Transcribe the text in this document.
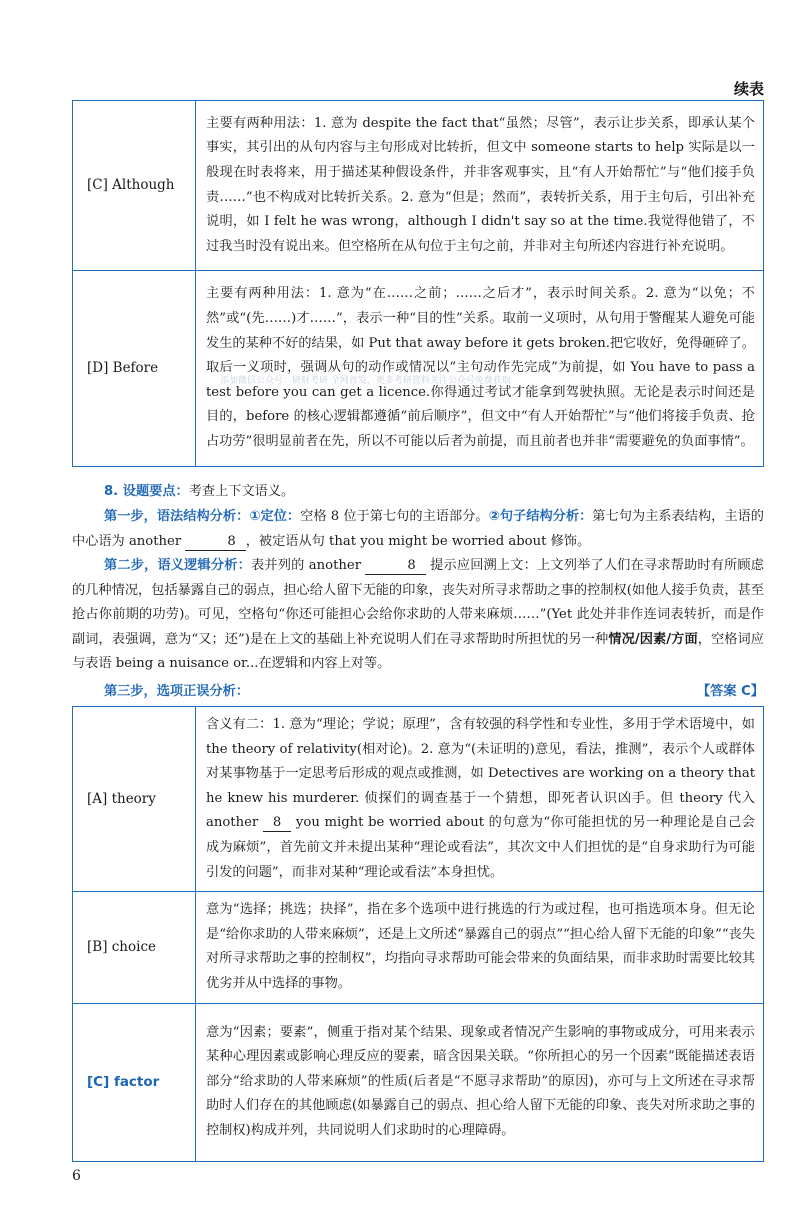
续表
添加微信公众号：研财考研 全网首发，更多考研资料关注公众号免费获取
[C] Although	主要有两种用法：1. 意为 despite the fact that“虽然；尽管”，表示让步关系，即承认某个事实，其引出的从句内容与主句形成对比转折，但文中 someone starts to help 实际是以一般现在时表将来，用于描述某种假设条件，并非客观事实，且“有人开始帮忙”与“他们接手负责……”也不构成对比转折关系。2. 意为“但是；然而”，表转折关系，用于主句后，引出补充说明，如 I felt he was wrong，although I didn't say so at the time.我觉得他错了，不过我当时没有说出来。但空格所在从句位于主句之前，并非对主句所述内容进行补充说明。
[D] Before	主要有两种用法：1. 意为“在……之前；……之后才”，表示时间关系。2. 意为“以免；不然”或“(先……)才……”，表示一种“目的性”关系。取前一义项时，从句用于警醒某人避免可能发生的某种不好的结果，如 Put that away before it gets broken.把它收好，免得砸碎了。取后一义项时，强调从句的动作或情况以“主句动作先完成”为前提，如 You have to pass a test before you can get a licence.你得通过考试才能拿到驾驶执照。无论是表示时间还是目的，before 的核心逻辑都遵循“前后顺序”，但文中“有人开始帮忙”与“他们将接手负责、抢占功劳”很明显前者在先，所以不可能以后者为前提，而且前者也并非“需要避免的负面事情”。

8. 设题要点：考查上下文语义。

第一步，语法结构分析：①定位：空格 8 位于第七句的主语部分。②句子结构分析：第七句为主系表结构，主语的中心语为 another	8 ，被定语从句 that you might be worried about 修饰。

第二步，语义逻辑分析：表并列的 another	8 提示应回溯上文：上文列举了人们在寻求帮助时有所顾虑的几种情况，包括暴露自己的弱点，担心给人留下无能的印象，丧失对所寻求帮助之事的控制权(如他人接手负责，甚至抢占你前期的功劳)。可见，空格句“你还可能担心会给你求助的人带来麻烦……”(Yet 此处并非作连词表转折，而是作副词，表强调，意为“又；还”)是在上文的基础上补充说明人们在寻求帮助时所担忧的另一种情况/因素/方面，空格词应与表语 being a nuisance or...在逻辑和内容上对等。

第三步，选项正误分析：	【答案 C】

[A] theory	含义有二：1. 意为“理论；学说；原理”，含有较强的科学性和专业性，多用于学术语境中，如 the theory of relativity(相对论)。2. 意为“(未证明的)意见，看法，推测”，表示个人或群体对某事物基于一定思考后形成的观点或推测，如 Detectives are working on a theory that he knew his murderer. 侦探们的调查基于一个猜想，即死者认识凶手。但 theory 代入 another 8 you might be worried about 的句意为“你可能担忧的另一种理论是自己会成为麻烦”，首先前文并未提出某种“理论或看法”，其次文中人们担忧的是“自身求助行为可能引发的问题”，而非对某种“理论或看法”本身担忧。
[B] choice	意为“选择；挑选；抉择”，指在多个选项中进行挑选的行为或过程，也可指选项本身。但无论是“给你求助的人带来麻烦”，还是上文所述“暴露自己的弱点”“担心给人留下无能的印象”“丧失对所寻求帮助之事的控制权”，均指向寻求帮助可能会带来的负面结果，而非求助时需要比较其优劣并从中选择的事物。
[C] factor	意为“因素；要素”，侧重于指对某个结果、现象或者情况产生影响的事物或成分，可用来表示某种心理因素或影响心理反应的要素，暗含因果关联。“你所担心的另一个因素”既能描述表语部分“给求助的人带来麻烦”的性质(后者是“不愿寻求帮助”的原因)，亦可与上文所述在寻求帮助时人们存在的其他顾虑(如暴露自己的弱点、担心给人留下无能的印象、丧失对所求助之事的控制权)构成并列，共同说明人们求助时的心理障碍。
6
